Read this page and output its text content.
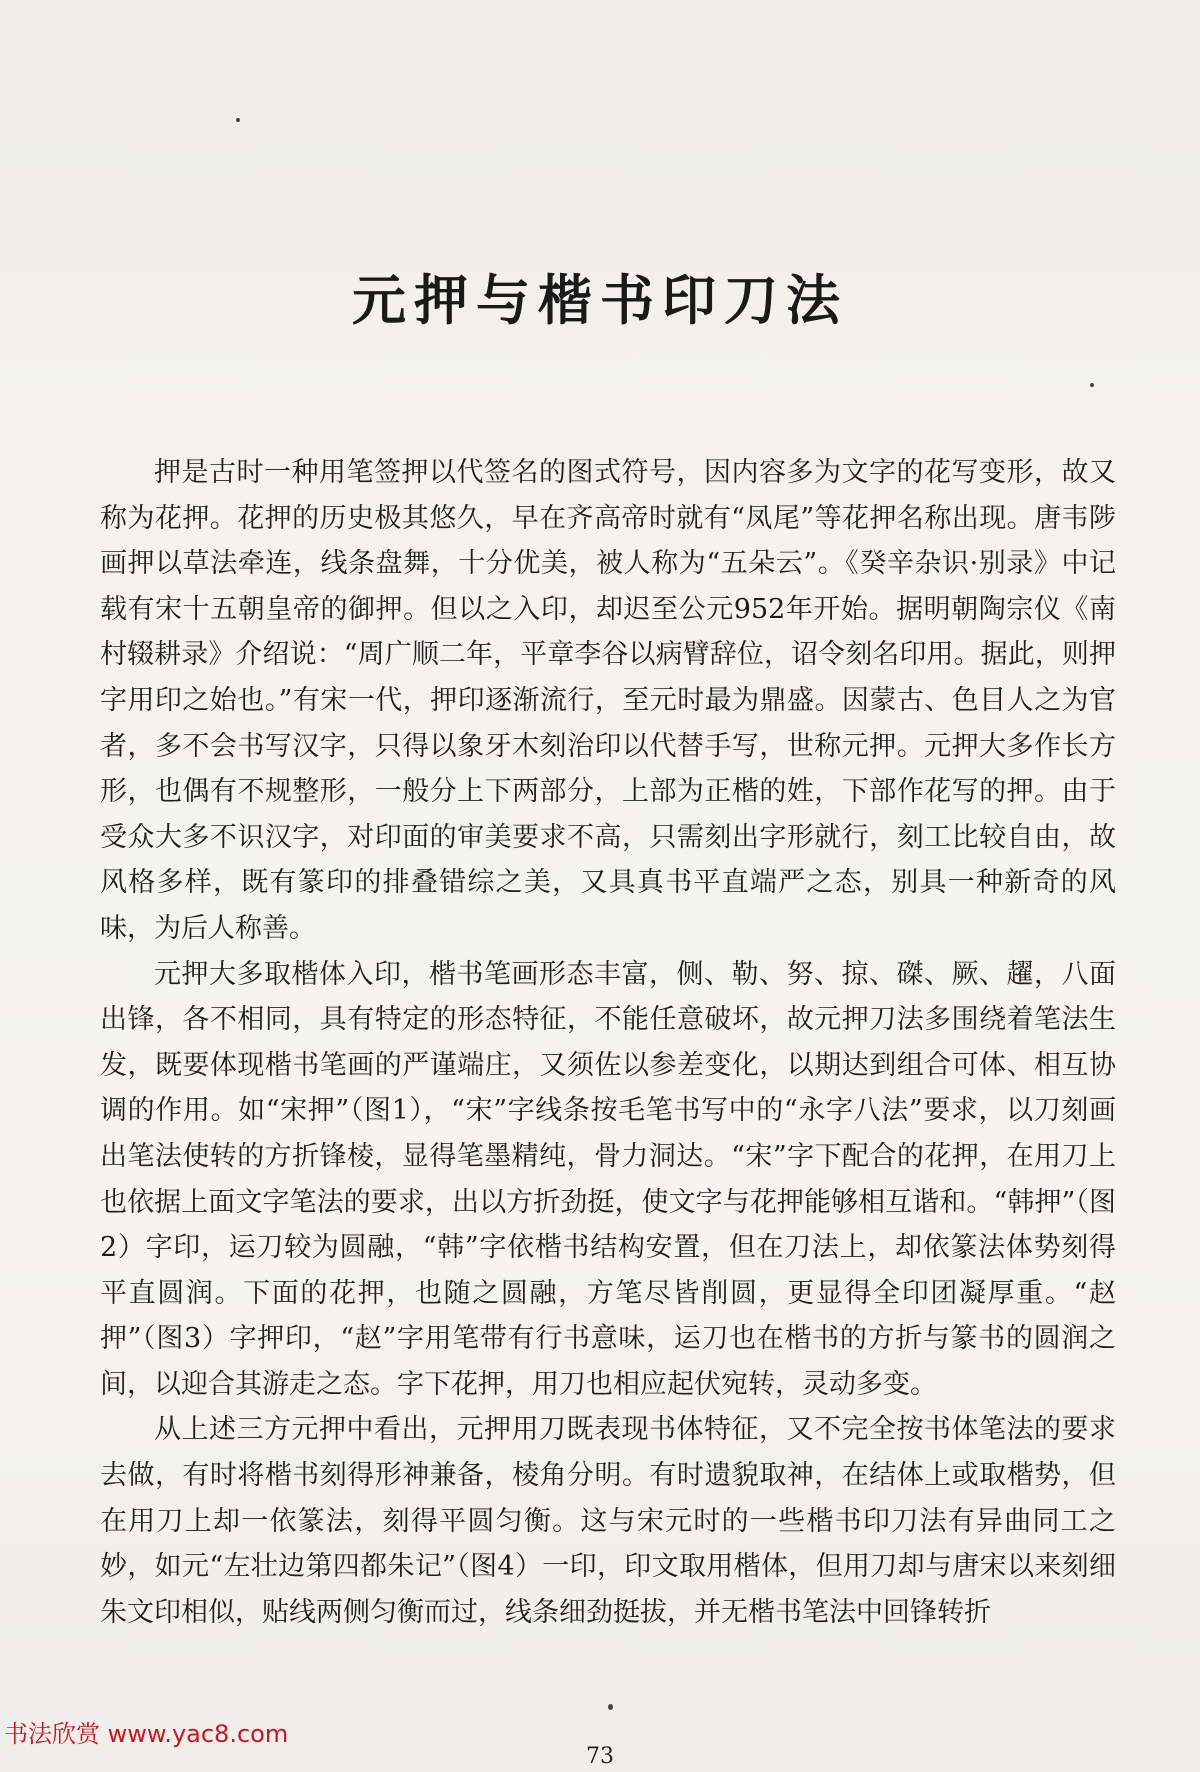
元押与楷书印刀法

押是古时一种用笔签押以代签名的图式符号，因内容多为文字的花写变形，故又称为花押。花押的历史极其悠久，早在齐高帝时就有“凤尾”等花押名称出现。唐韦陟画押以草法牵连，线条盘舞，十分优美，被人称为“五朵云”。《癸辛杂识·别录》中记载有宋十五朝皇帝的御押。但以之入印，却迟至公元952年开始。据明朝陶宗仪《南村辍耕录》介绍说：“周广顺二年，平章李谷以病臂辞位，诏令刻名印用。据此，则押字用印之始也。”有宋一代，押印逐渐流行，至元时最为鼎盛。因蒙古、色目人之为官者，多不会书写汉字，只得以象牙木刻治印以代替手写，世称元押。元押大多作长方形，也偶有不规整形，一般分上下两部分，上部为正楷的姓，下部作花写的押。由于受众大多不识汉字，对印面的审美要求不高，只需刻出字形就行，刻工比较自由，故风格多样，既有篆印的排叠错综之美，又具真书平直端严之态，别具一种新奇的风味，为后人称善。

元押大多取楷体入印，楷书笔画形态丰富，侧、勒、努、掠、磔、厥、趯，八面出锋，各不相同，具有特定的形态特征，不能任意破坏，故元押刀法多围绕着笔法生发，既要体现楷书笔画的严谨端庄，又须佐以参差变化，以期达到组合可体、相互协调的作用。如“宋押”（图1），“宋”字线条按毛笔书写中的“永字八法”要求，以刀刻画出笔法使转的方折锋棱，显得笔墨精纯，骨力洞达。“宋”字下配合的花押，在用刀上也依据上面文字笔法的要求，出以方折劲挺，使文字与花押能够相互谐和。“韩押”（图2）字印，运刀较为圆融，“韩”字依楷书结构安置，但在刀法上，却依篆法体势刻得平直圆润。下面的花押，也随之圆融，方笔尽皆削圆，更显得全印团凝厚重。“赵押”（图3）字押印，“赵”字用笔带有行书意味，运刀也在楷书的方折与篆书的圆润之间，以迎合其游走之态。字下花押，用刀也相应起伏宛转，灵动多变。

从上述三方元押中看出，元押用刀既表现书体特征，又不完全按书体笔法的要求去做，有时将楷书刻得形神兼备，棱角分明。有时遗貌取神，在结体上或取楷势，但在用刀上却一依篆法，刻得平圆匀衡。这与宋元时的一些楷书印刀法有异曲同工之妙，如元“左壮边第四都朱记”（图4）一印，印文取用楷体，但用刀却与唐宋以来刻细朱文印相似，贴线两侧匀衡而过，线条细劲挺拔，并无楷书笔法中回锋转折

书法欣赏 www.yac8.com
73
